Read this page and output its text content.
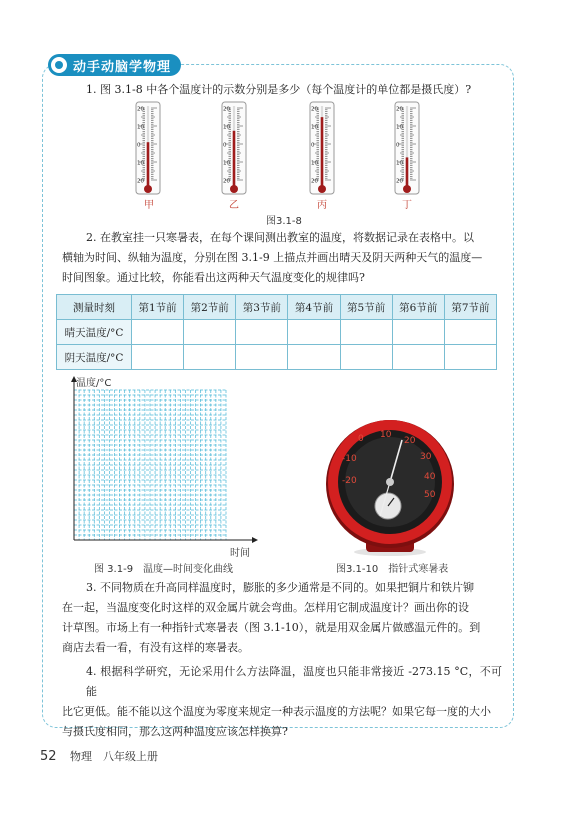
动手动脑学物理
1. 图 3.1-8 中各个温度计的示数分别是多少（每个温度计的单位都是摄氏度）?
20
10
0
10
20
20
10
0
10
20
20
10
0
10
20
20
10
0
10
20
甲	乙	丙	丁
图3.1-8
2. 在教室挂一只寒暑表，在每个课间测出教室的温度，将数据记录在表格中。以
横轴为时间、纵轴为温度，分别在图 3.1-9 上描点并画出晴天及阴天两种天气的温度—
时间图象。通过比较，你能看出这两种天气温度变化的规律吗?
测量时刻	第1节前	第2节前	第3节前	第4节前	第5节前	第6节前	第7节前
晴天温度/°C							
阴天温度/°C							
温度/°C
时间
图 3.1-9　温度—时间变化曲线
0 10
20
30
40
50
-10
-20
图3.1-10　指针式寒暑表
3. 不同物质在升高同样温度时，膨胀的多少通常是不同的。如果把铜片和铁片铆
在一起，当温度变化时这样的双金属片就会弯曲。怎样用它制成温度计？画出你的设
计草图。市场上有一种指针式寒暑表（图 3.1-10），就是用双金属片做感温元件的。到
商店去看一看，有没有这样的寒暑表。
4. 根据科学研究，无论采用什么方法降温，温度也只能非常接近 -273.15 °C，不可能
比它更低。能不能以这个温度为零度来规定一种表示温度的方法呢？如果它每一度的大小
与摄氏度相同，那么这两种温度应该怎样换算?
52 物理　八年级上册
